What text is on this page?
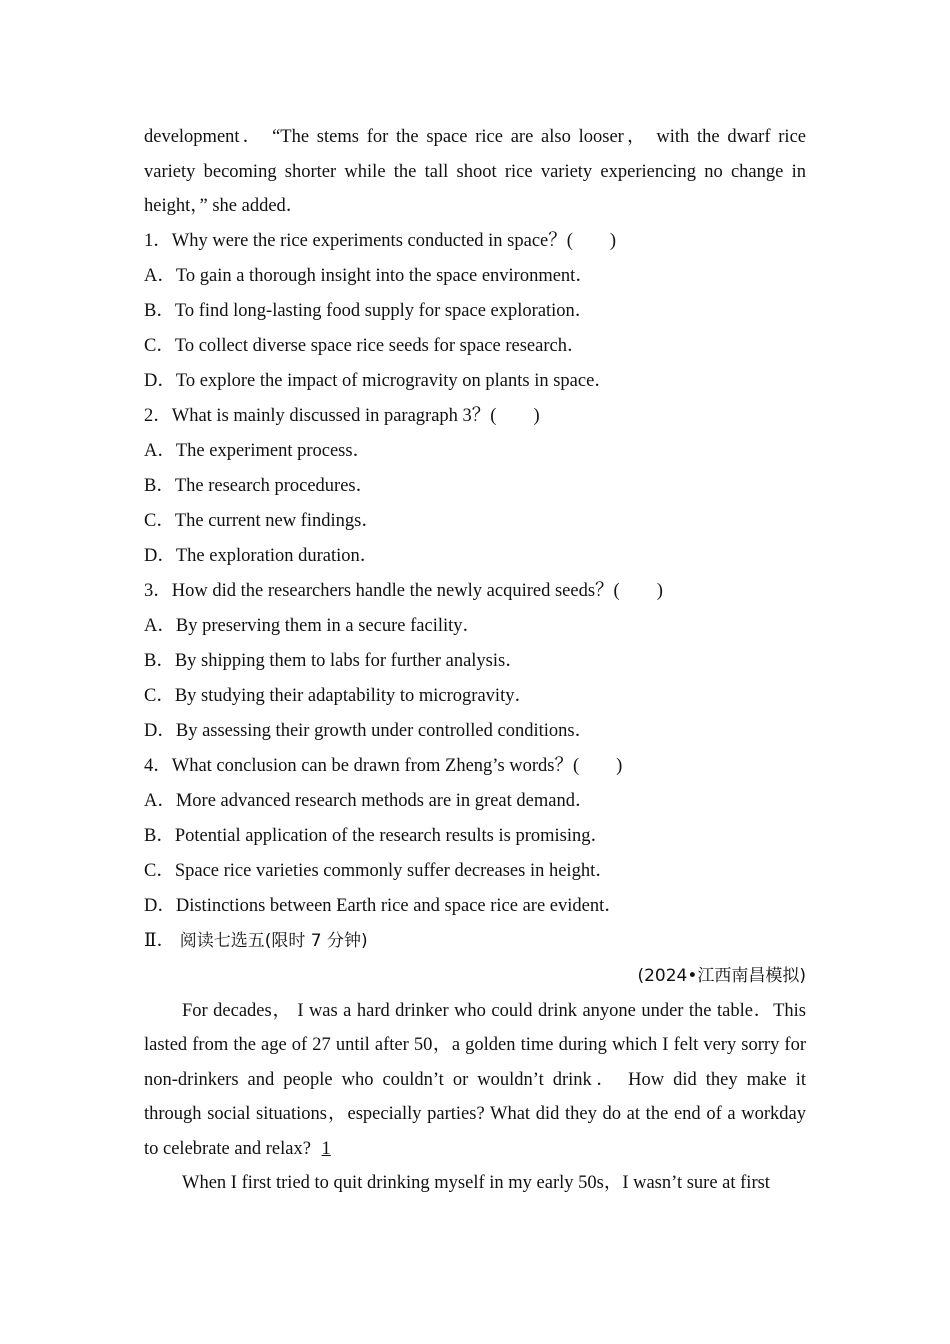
development． “The stems for the space rice are also looser， with the dwarf rice variety becoming shorter while the tall shoot rice variety experiencing no change in height，” she added．
1．Why were the rice experiments conducted in space？(　　)
A．To gain a thorough insight into the space environment．
B．To find long-lasting food supply for space exploration．
C．To collect diverse space rice seeds for space research．
D．To explore the impact of microgravity on plants in space．
2．What is mainly discussed in paragraph 3？(　　)
A．The experiment process．
B．The research procedures．
C．The current new findings．
D．The exploration duration．
3．How did the researchers handle the newly acquired seeds？(　　)
A．By preserving them in a secure facility．
B．By shipping them to labs for further analysis．
C．By studying their adaptability to microgravity．
D．By assessing their growth under controlled conditions．
4．What conclusion can be drawn from Zheng’s words？(　　)
A．More advanced research methods are in great demand．
B．Potential application of the research results is promising．
C．Space rice varieties commonly suffer decreases in height．
D．Distinctions between Earth rice and space rice are evident．
Ⅱ． 阅读七选五(限时 7 分钟)
(2024•江西南昌模拟)
For decades， I was a hard drinker who could drink anyone under the table．This lasted from the age of 27 until after 50，a golden time during which I felt very sorry for non-drinkers and people who couldn’t or wouldn’t drink． How did they make it through social situations，especially parties? What did they do at the end of a workday to celebrate and relax? 1
When I first tried to quit drinking myself in my early 50s，I wasn’t sure at first
